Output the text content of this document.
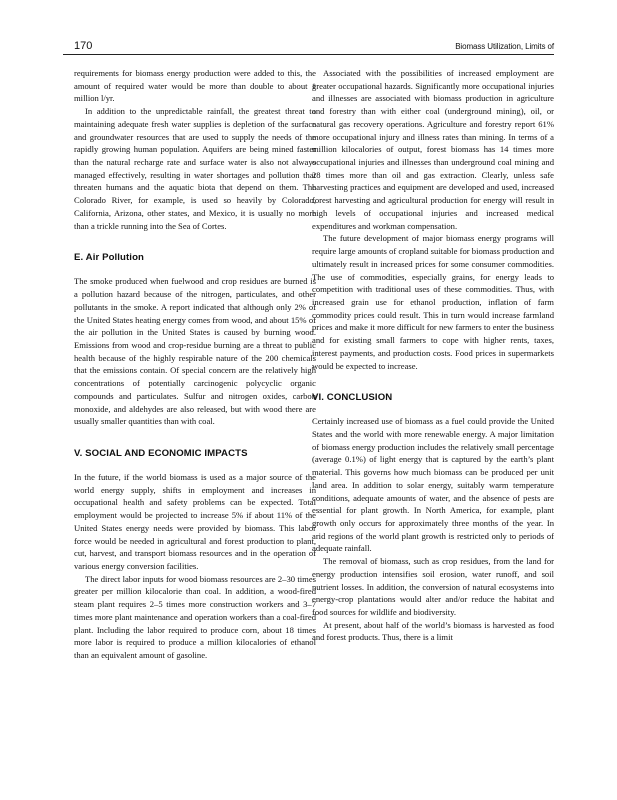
170	Biomass Utilization, Limits of

requirements for biomass energy production were added to this, the amount of required water would be more than double to about 1 million l/yr.

In addition to the unpredictable rainfall, the greatest threat to maintaining adequate fresh water supplies is depletion of the surface and groundwater resources that are used to supply the needs of the rapidly growing human population. Aquifers are being mined faster than the natural recharge rate and surface water is also not always managed effectively, resulting in water shortages and pollution that threaten humans and the aquatic biota that depend on them. The Colorado River, for example, is used so heavily by Colorado, California, Arizona, other states, and Mexico, it is usually no more than a trickle running into the Sea of Cortes.

E. Air Pollution

The smoke produced when fuelwood and crop residues are burned is a pollution hazard because of the nitrogen, particulates, and other pollutants in the smoke. A report indicated that although only 2% of the United States heating energy comes from wood, and about 15% of the air pollution in the United States is caused by burning wood. Emissions from wood and crop-residue burning are a threat to public health because of the highly respirable nature of the 200 chemicals that the emissions contain. Of special concern are the relatively high concentrations of potentially carcinogenic polycyclic organic compounds and particulates. Sulfur and nitrogen oxides, carbon monoxide, and aldehydes are also released, but with wood there are usually smaller quantities than with coal.

V. SOCIAL AND ECONOMIC IMPACTS

In the future, if the world biomass is used as a major source of the world energy supply, shifts in employment and increases in occupational health and safety problems can be expected. Total employment would be projected to increase 5% if about 11% of the United States energy needs were provided by biomass. This labor force would be needed in agricultural and forest production to plant, cut, harvest, and transport biomass resources and in the operation of various energy conversion facilities.

The direct labor inputs for wood biomass resources are 2–30 times greater per million kilocalorie than coal. In addition, a wood-fired steam plant requires 2–5 times more construction workers and 3–7 times more plant maintenance and operation workers than a coal-fired plant. Including the labor required to produce corn, about 18 times more labor is required to produce a million kilocalories of ethanol than an equivalent amount of gasoline.

Associated with the possibilities of increased employment are greater occupational hazards. Significantly more occupational injuries and illnesses are associated with biomass production in agriculture and forestry than with either coal (underground mining), oil, or natural gas recovery operations. Agriculture and forestry report 61% more occupational injury and illness rates than mining. In terms of a million kilocalories of output, forest biomass has 14 times more occupational injuries and illnesses than underground coal mining and 28 times more than oil and gas extraction. Clearly, unless safe harvesting practices and equipment are developed and used, increased forest harvesting and agricultural production for energy will result in high levels of occupational injuries and increased medical expenditures and workman compensation.

The future development of major biomass energy programs will require large amounts of cropland suitable for biomass production and ultimately result in increased prices for some consumer commodities. The use of commodities, especially grains, for energy leads to competition with traditional uses of these commodities. Thus, with increased grain use for ethanol production, inflation of farm commodity prices could result. This in turn would increase farmland prices and make it more difficult for new farmers to enter the business and for existing small farmers to cope with higher rents, taxes, interest payments, and production costs. Food prices in supermarkets would be expected to increase.

VI. CONCLUSION

Certainly increased use of biomass as a fuel could provide the United States and the world with more renewable energy. A major limitation of biomass energy production includes the relatively small percentage (average 0.1%) of light energy that is captured by the earth’s plant material. This governs how much biomass can be produced per unit land area. In addition to solar energy, suitably warm temperature conditions, adequate amounts of water, and the absence of pests are essential for plant growth. In North America, for example, plant growth only occurs for approximately three months of the year. In arid regions of the world plant growth is restricted only to periods of adequate rainfall.

The removal of biomass, such as crop residues, from the land for energy production intensifies soil erosion, water runoff, and soil nutrient losses. In addition, the conversion of natural ecosystems into energy-crop plantations would alter and/or reduce the habitat and food sources for wildlife and biodiversity.

At present, about half of the world’s biomass is harvested as food and forest products. Thus, there is a limit
